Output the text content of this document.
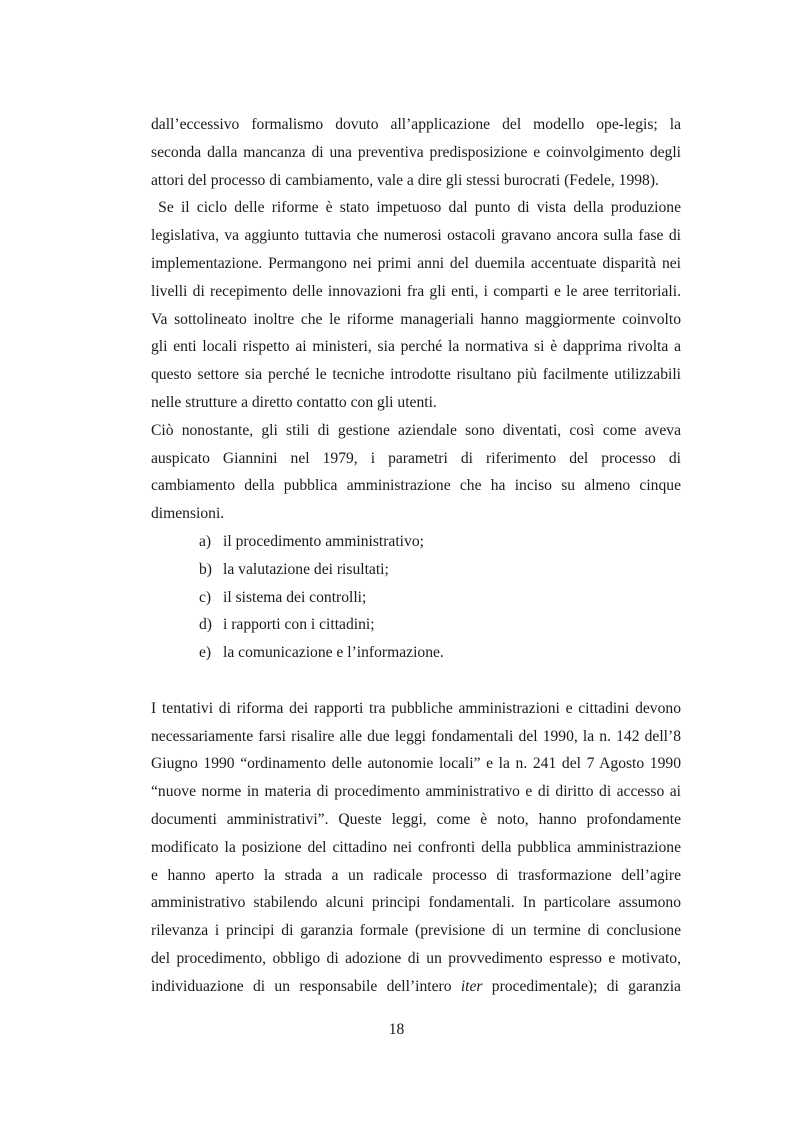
dall’eccessivo formalismo dovuto all’applicazione del modello ope-legis; la
seconda dalla mancanza di una preventiva predisposizione e coinvolgimento degli
attori del processo di cambiamento, vale a dire gli stessi burocrati (Fedele, 1998).
Se il ciclo delle riforme è stato impetuoso dal punto di vista della produzione
legislativa, va aggiunto tuttavia che numerosi ostacoli gravano ancora sulla fase di
implementazione. Permangono nei primi anni del duemila accentuate disparità nei
livelli di recepimento delle innovazioni fra gli enti, i comparti e le aree territoriali.
Va sottolineato inoltre che le riforme manageriali hanno maggiormente coinvolto
gli enti locali rispetto ai ministeri, sia perché la normativa si è dapprima rivolta a
questo settore sia perché le tecniche introdotte risultano più facilmente utilizzabili
nelle strutture a diretto contatto con gli utenti.
Ciò nonostante, gli stili di gestione aziendale sono diventati, così come aveva
auspicato Giannini nel 1979, i parametri di riferimento del processo di
cambiamento della pubblica amministrazione che ha inciso su almeno cinque
dimensioni.
a) il procedimento amministrativo;
b) la valutazione dei risultati;
c) il sistema dei controlli;
d) i rapporti con i cittadini;
e) la comunicazione e l’informazione.
I tentativi di riforma dei rapporti tra pubbliche amministrazioni e cittadini devono
necessariamente farsi risalire alle due leggi fondamentali del 1990, la n. 142 dell’8
Giugno 1990 “ordinamento delle autonomie locali” e la n. 241 del 7 Agosto 1990
“nuove norme in materia di procedimento amministrativo e di diritto di accesso ai
documenti amministrativi”. Queste leggi, come è noto, hanno profondamente
modificato la posizione del cittadino nei confronti della pubblica amministrazione
e hanno aperto la strada a un radicale processo di trasformazione dell’agire
amministrativo stabilendo alcuni principi fondamentali. In particolare assumono
rilevanza i principi di garanzia formale (previsione di un termine di conclusione
del procedimento, obbligo di adozione di un provvedimento espresso e motivato,
individuazione di un responsabile dell’intero iter procedimentale); di garanzia
18
